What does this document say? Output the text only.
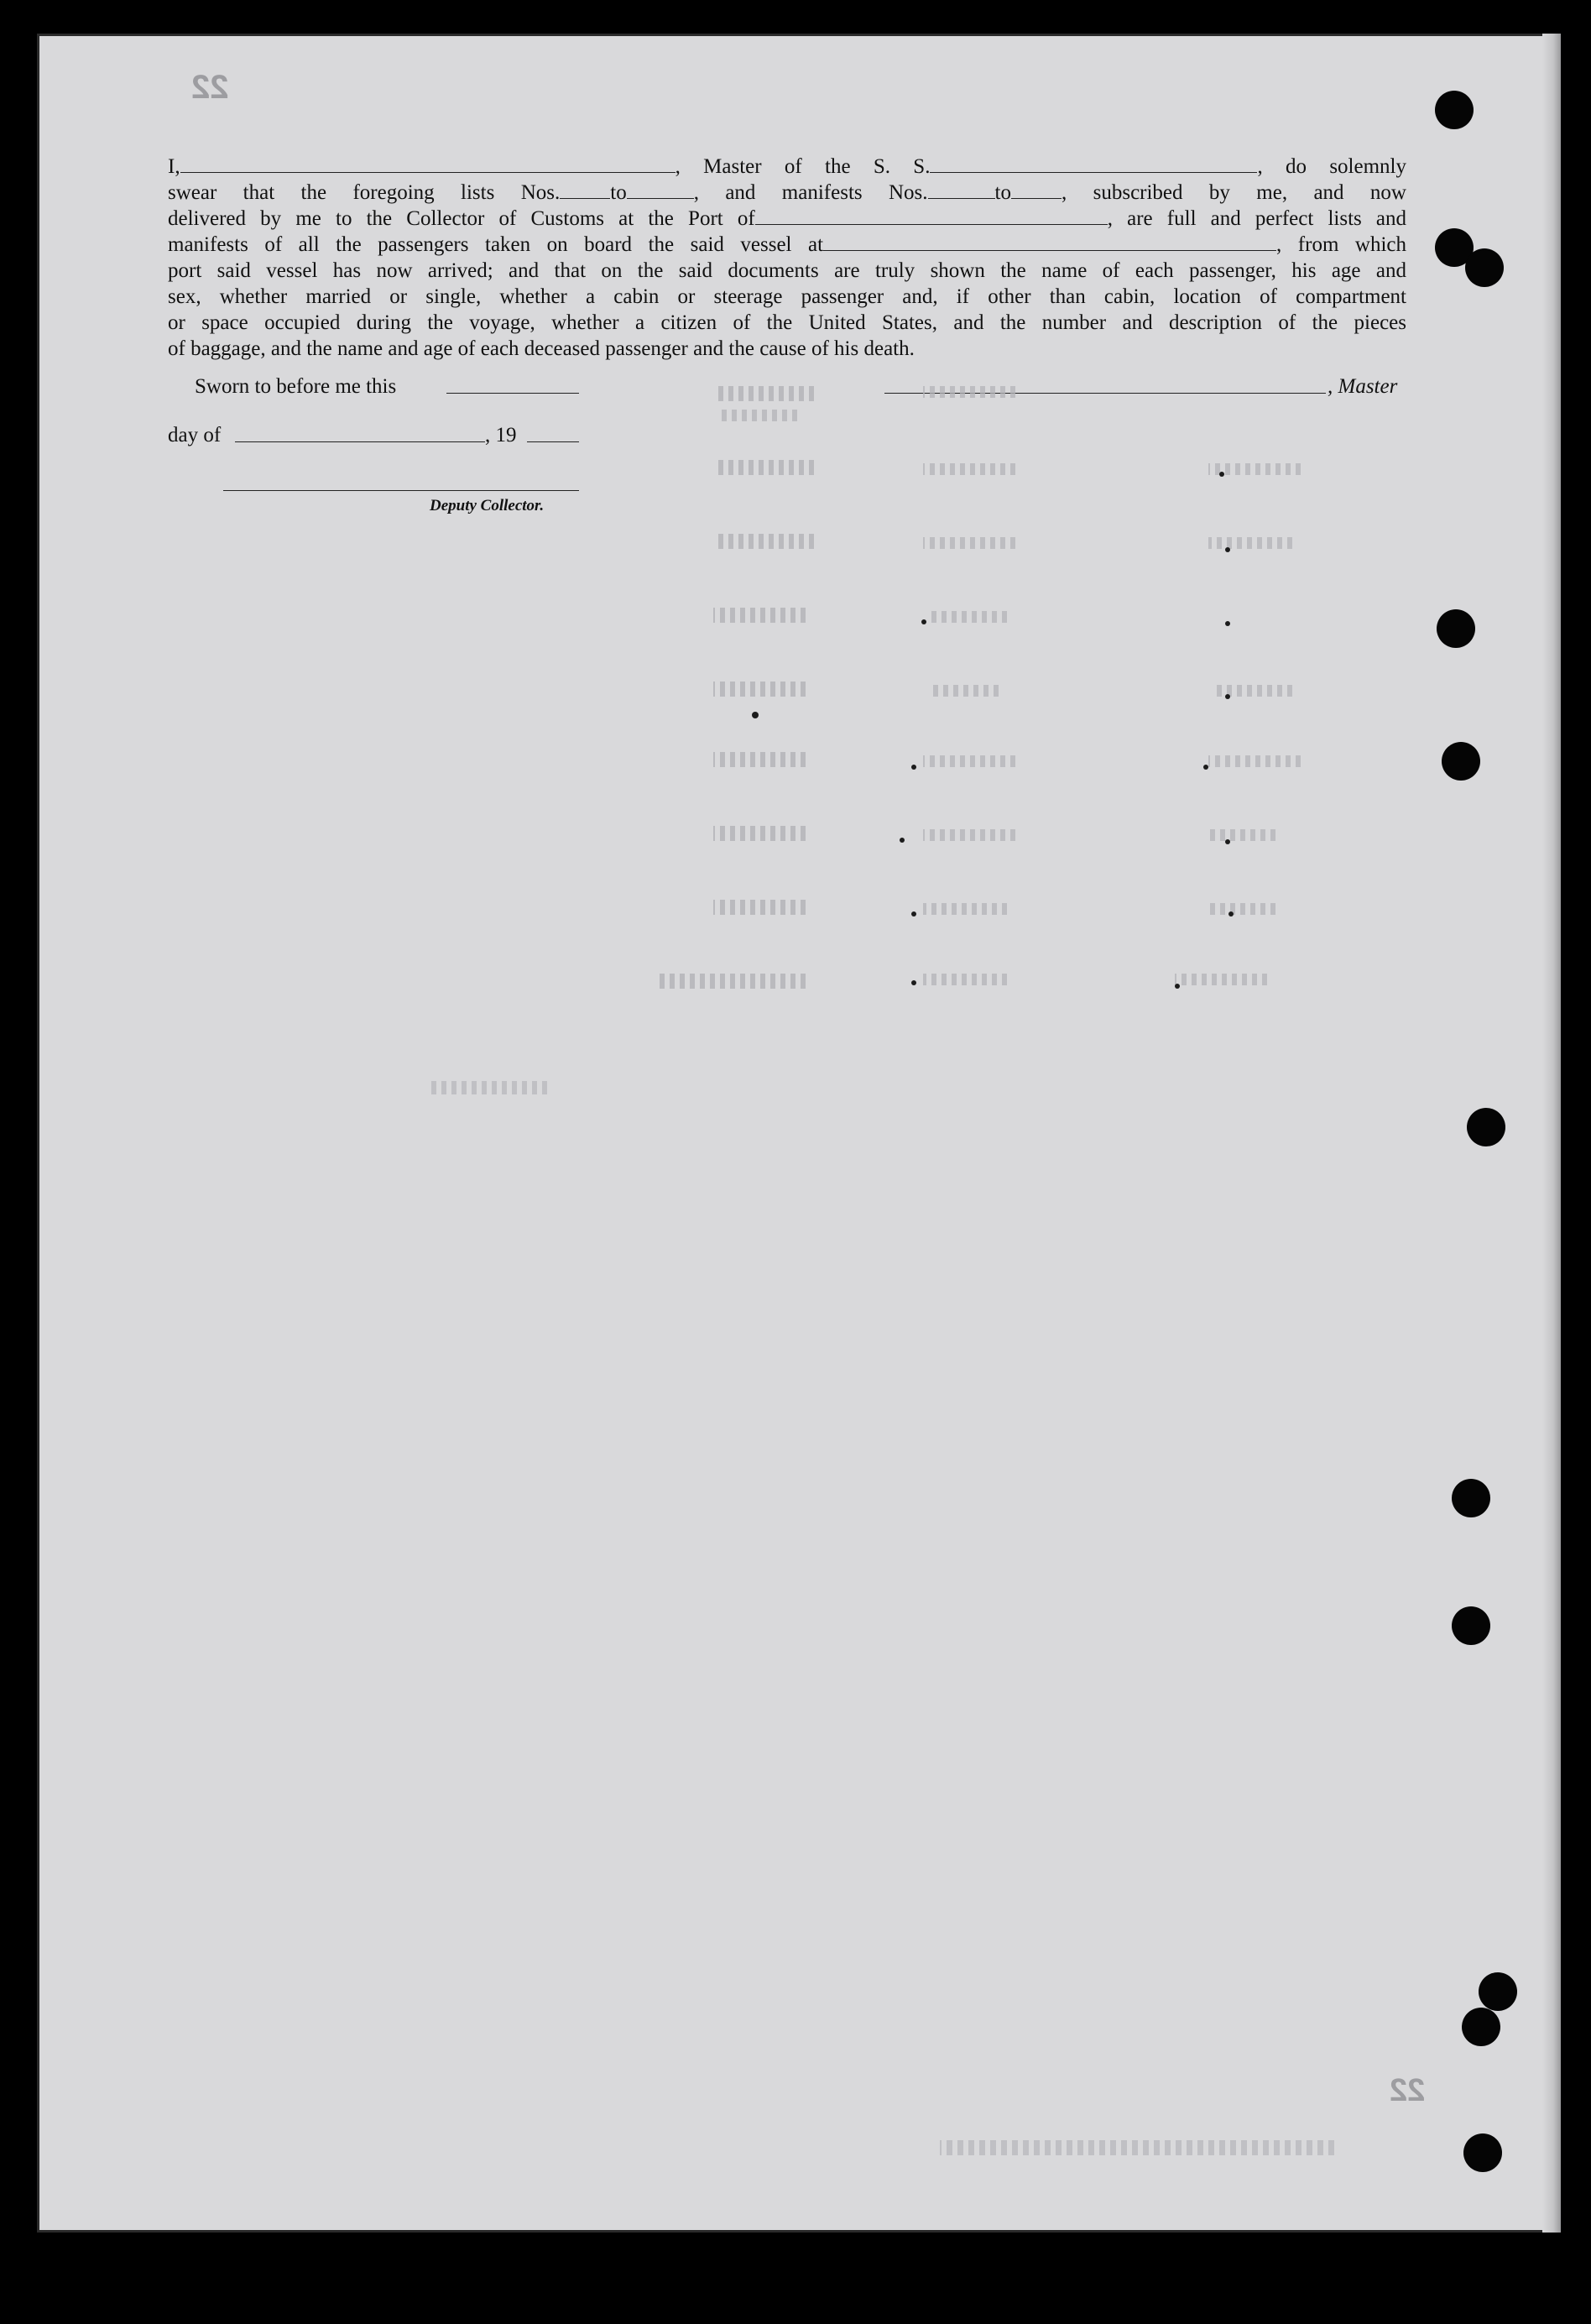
22
22
I,	, Master of the S. S.	, do solemnly
swear that the foregoing lists Nos. to	, and manifests Nos.	to , subscribed by me, and now
delivered by me to the Collector of Customs at the Port of	, are full and perfect lists and
manifests of all the passengers taken on board the said vessel at	, from which
port said vessel has now arrived; and that on the said documents are truly shown the name of each passenger, his age and
sex, whether married or single, whether a cabin or steerage passenger and, if other than cabin, location of compartment
or space occupied during the voyage, whether a citizen of the United States, and the number and description of the pieces
of baggage, and the name and age of each deceased passenger and the cause of his death.
Sworn to before me this
day of	, 19
Deputy Collector.
, Master
